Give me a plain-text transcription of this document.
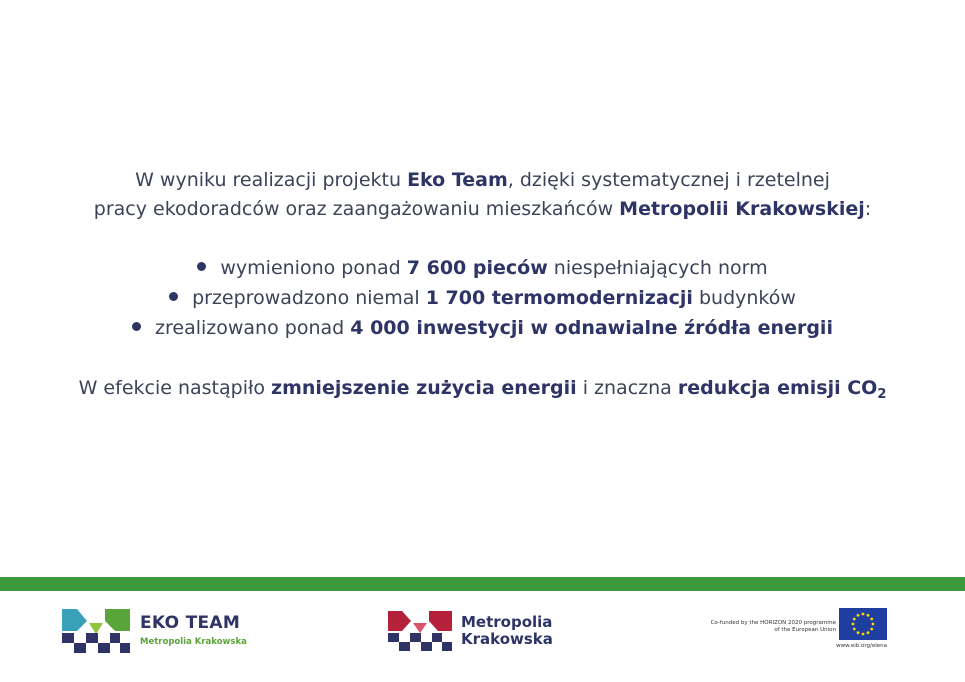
W wyniku realizacji projektu Eko Team, dzięki systematycznej i rzetelnej
pracy ekodoradców oraz zaangażowaniu mieszkańców Metropolii Krakowskiej:

wymieniono ponad 7 600 pieców niespełniających norm
przeprowadzono niemal 1 700 termomodernizacji budynków
zrealizowano ponad 4 000 inwestycji w odnawialne źródła energii

W efekcie nastąpiło zmniejszenie zużycia energii i znaczna redukcja emisji $CO_2$

EKO TEAM
Metropolia Krakowska
Metropolia
Krakowska
Co-funded by the HORIZON 2020 programme
of the European Union
www.eib.org/elena
